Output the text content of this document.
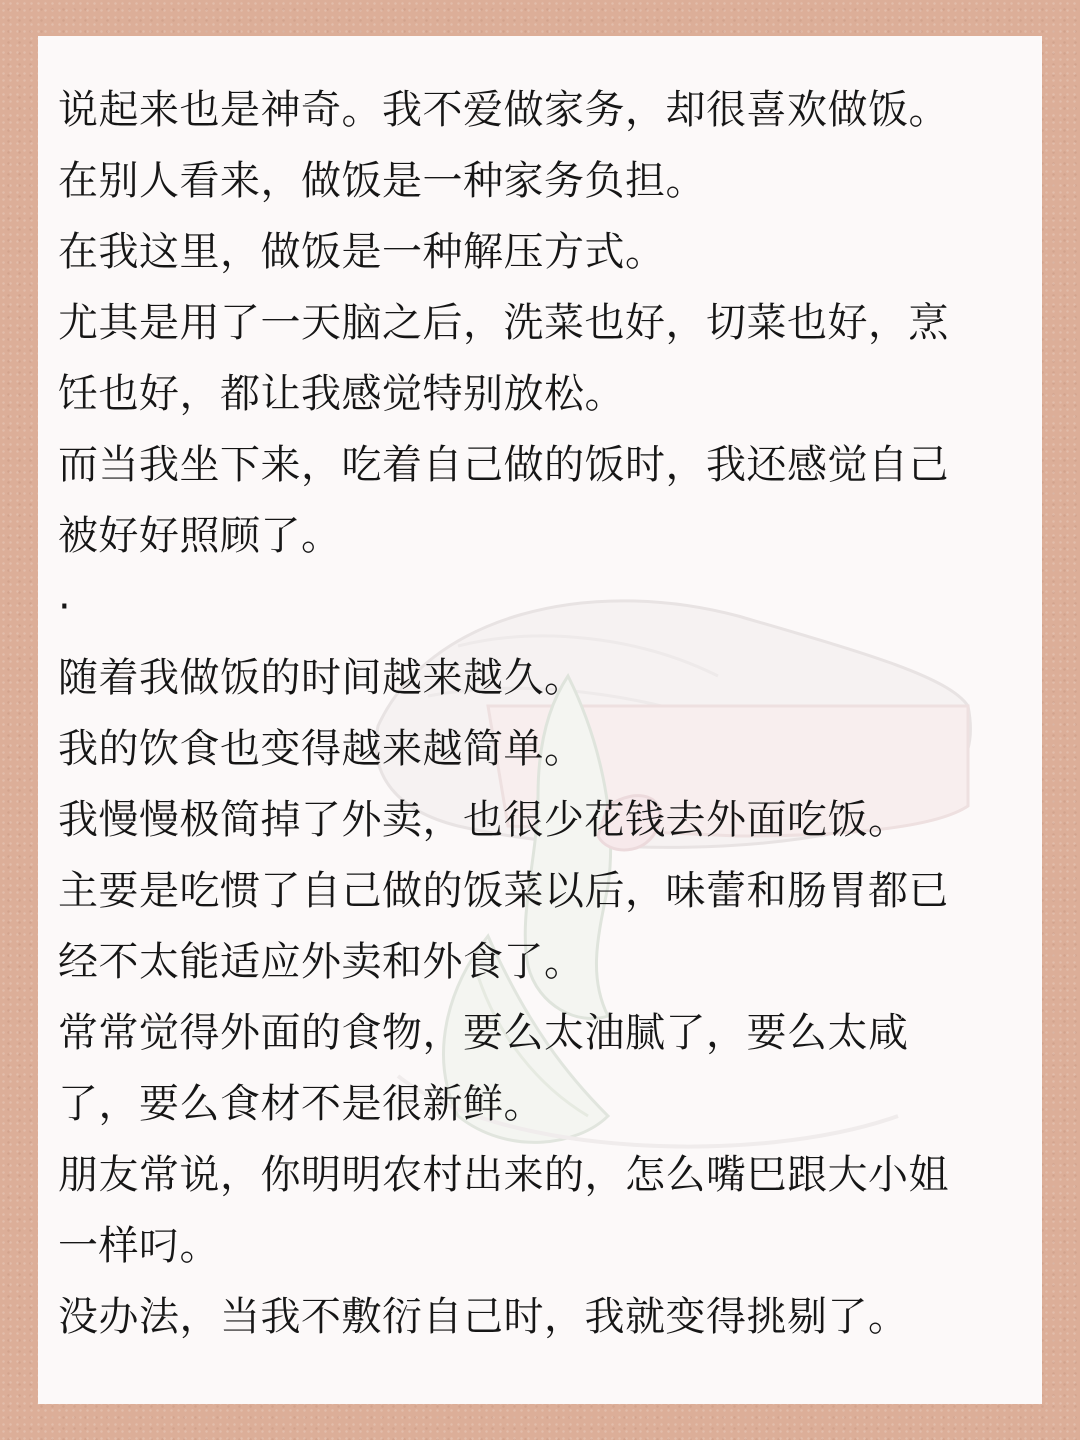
说起来也是神奇。我不爱做家务，却很喜欢做饭。
在别人看来，做饭是一种家务负担。
在我这里，做饭是一种解压方式。
尤其是用了一天脑之后，洗菜也好，切菜也好，烹
饪也好，都让我感觉特别放松。
而当我坐下来，吃着自己做的饭时，我还感觉自己
被好好照顾了。
·
随着我做饭的时间越来越久。
我的饮食也变得越来越简单。
我慢慢极简掉了外卖，也很少花钱去外面吃饭。
主要是吃惯了自己做的饭菜以后，味蕾和肠胃都已
经不太能适应外卖和外食了。
常常觉得外面的食物，要么太油腻了，要么太咸
了，要么食材不是很新鲜。
朋友常说，你明明农村出来的，怎么嘴巴跟大小姐
一样叼。
没办法，当我不敷衍自己时，我就变得挑剔了。
